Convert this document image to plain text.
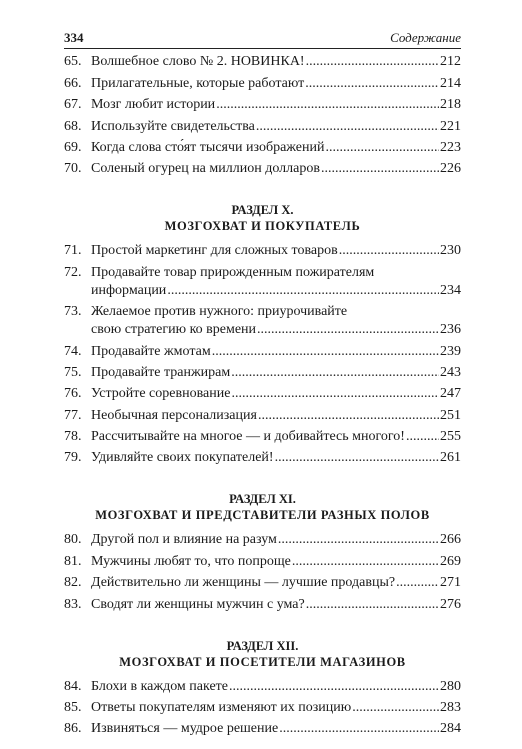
334	Содержание
65. Волшебное слово № 2. НОВИНКА! .....	212
66. Прилагательные, которые работают .....	214
67. Мозг любит истории .....	218
68. Используйте свидетельства .....	221
69. Когда слова сто́ят тысячи изображений .....	223
70. Соленый огурец на миллион долларов .....	226
РАЗДЕЛ X.
МОЗГОХВАТ И ПОКУПАТЕЛЬ
71. Простой маркетинг для сложных товаров .....	230
72. Продавайте товар прирожденным пожирателям
информации .....	234
73. Желаемое против нужного: приурочивайте
свою стратегию ко времени .....	236
74. Продавайте жмотам .....	239
75. Продавайте транжирам .....	243
76. Устройте соревнование .....	247
77. Необычная персонализация .....	251
78. Рассчитывайте на многое — и добивайтесь многого! .....	255
79. Удивляйте своих покупателей! .....	261
РАЗДЕЛ XI.
МОЗГОХВАТ И ПРЕДСТАВИТЕЛИ РАЗНЫХ ПОЛОВ
80. Другой пол и влияние на разум .....	266
81. Мужчины любят то, что попроще .....	269
82. Действительно ли женщины — лучшие продавцы? .....	271
83. Сводят ли женщины мужчин с ума? .....	276
РАЗДЕЛ XII.
МОЗГОХВАТ И ПОСЕТИТЕЛИ МАГАЗИНОВ
84. Блохи в каждом пакете .....	280
85. Ответы покупателям изменяют их позицию .....	283
86. Извиняться — мудрое решение .....	284
